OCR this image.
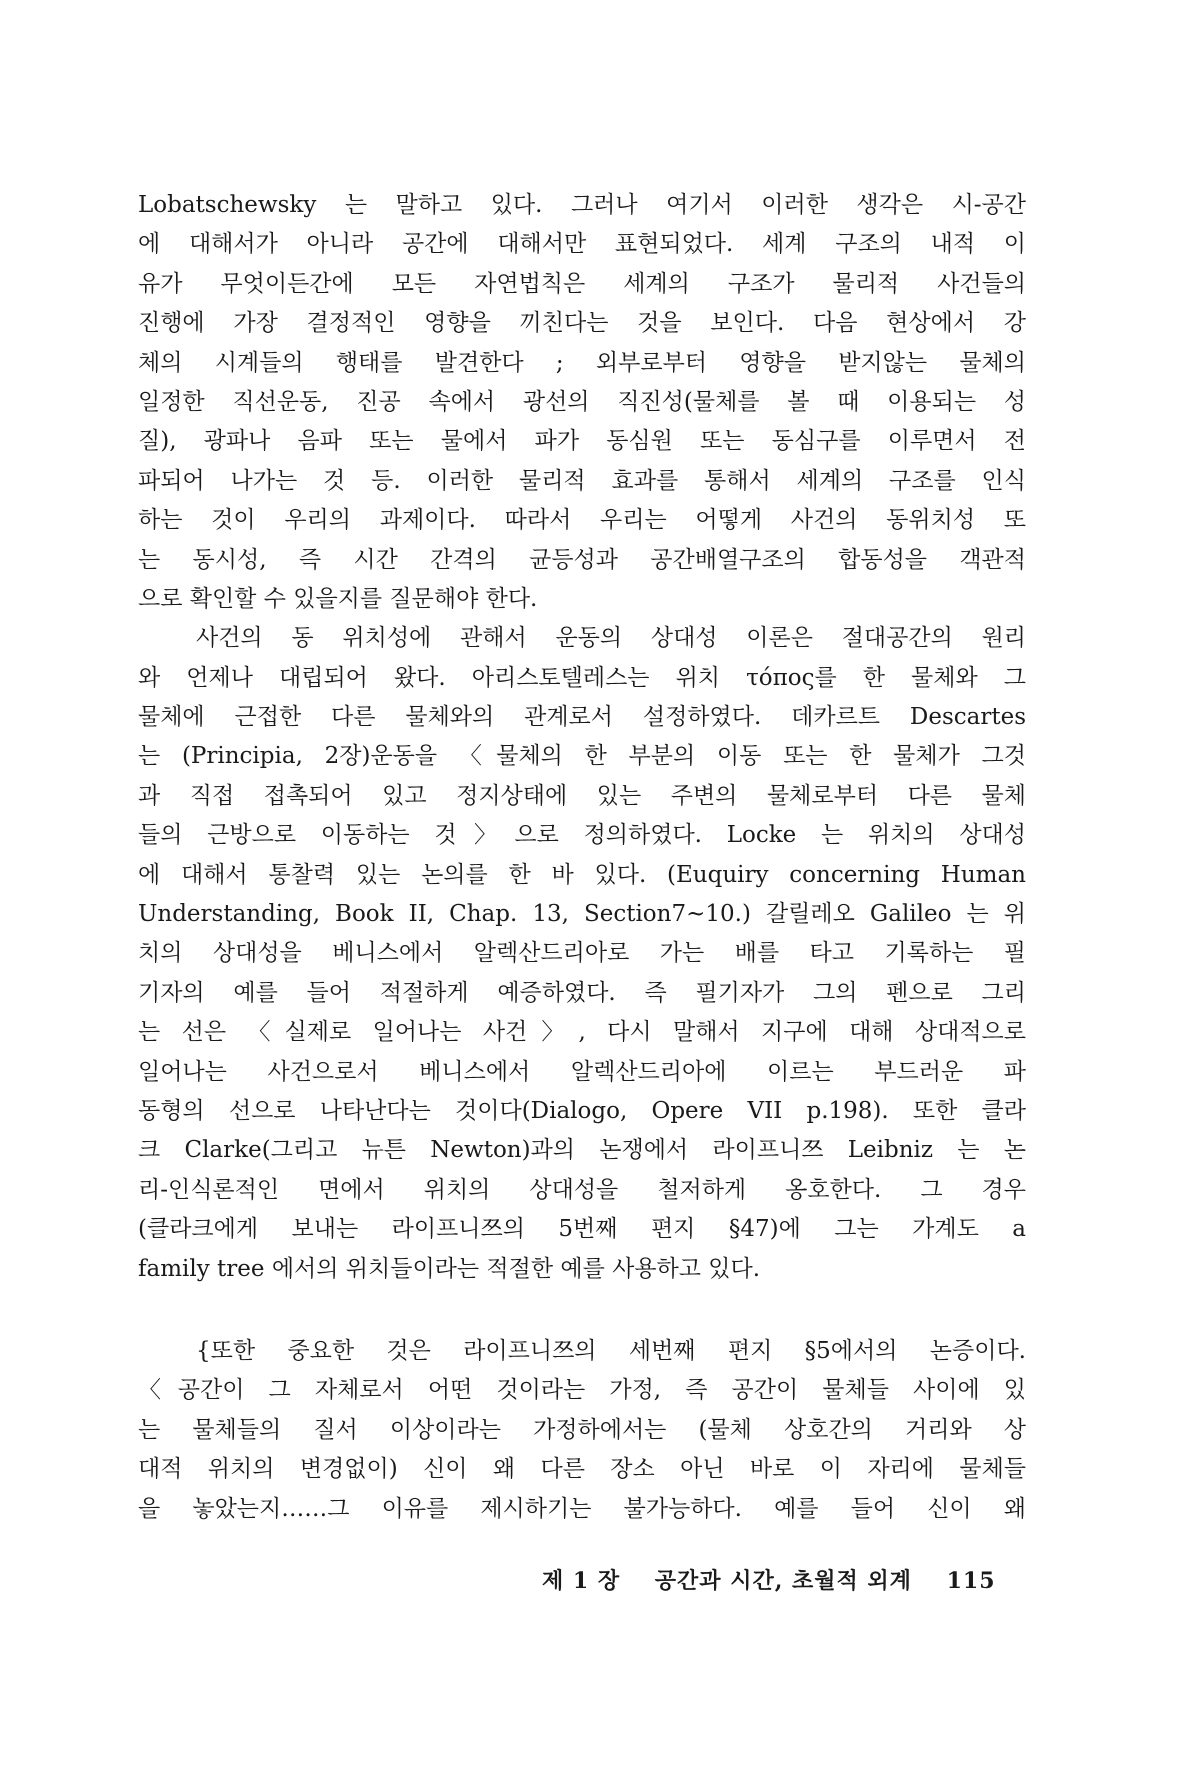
Lobatschewsky 는 말하고 있다. 그러나 여기서 이러한 생각은 시-공간
에 대해서가 아니라 공간에 대해서만 표현되었다. 세계 구조의 내적 이
유가 무엇이든간에 모든 자연법칙은 세계의 구조가 물리적 사건들의
진행에 가장 결정적인 영향을 끼친다는 것을 보인다. 다음 현상에서 강
체의 시계들의 행태를 발견한다 ; 외부로부터 영향을 받지않는 물체의
일정한 직선운동, 진공 속에서 광선의 직진성(물체를 볼 때 이용되는 성
질), 광파나 음파 또는 물에서 파가 동심원 또는 동심구를 이루면서 전
파되어 나가는 것 등. 이러한 물리적 효과를 통해서 세계의 구조를 인식
하는 것이 우리의 과제이다. 따라서 우리는 어떻게 사건의 동위치성 또
는 동시성, 즉 시간 간격의 균등성과 공간배열구조의 합동성을 객관적
으로 확인할 수 있을지를 질문해야 한다.
사건의 동 위치성에 관해서 운동의 상대성 이론은 절대공간의 원리
와 언제나 대립되어 왔다. 아리스토텔레스는 위치 τόπος를 한 물체와 그
물체에 근접한 다른 물체와의 관계로서 설정하였다. 데카르트 Descartes
는 (Principia, 2장)운동을 〈물체의 한 부분의 이동 또는 한 물체가 그것
과 직접 접촉되어 있고 정지상태에 있는 주변의 물체로부터 다른 물체
들의 근방으로 이동하는 것〉으로 정의하였다. Locke 는 위치의 상대성
에 대해서 통찰력 있는 논의를 한 바 있다. (Euquiry concerning Human
Understanding, Book II, Chap. 13, Section7~10.) 갈릴레오 Galileo 는 위
치의 상대성을 베니스에서 알렉산드리아로 가는 배를 타고 기록하는 필
기자의 예를 들어 적절하게 예증하였다. 즉 필기자가 그의 펜으로 그리
는 선은 〈실제로 일어나는 사건〉, 다시 말해서 지구에 대해 상대적으로
일어나는 사건으로서 베니스에서 알렉산드리아에 이르는 부드러운 파
동형의 선으로 나타난다는 것이다(Dialogo, Opere VII p.198). 또한 클라
크 Clarke(그리고 뉴튼 Newton)과의 논쟁에서 라이프니쯔 Leibniz 는 논
리-인식론적인 면에서 위치의 상대성을 철저하게 옹호한다. 그 경우
(클라크에게 보내는 라이프니쯔의 5번째 편지 §47)에 그는 가계도 a
family tree 에서의 위치들이라는 적절한 예를 사용하고 있다.
{또한 중요한 것은 라이프니쯔의 세번째 편지 §5에서의 논증이다.
〈공간이 그 자체로서 어떤 것이라는 가정, 즉 공간이 물체들 사이에 있
는 물체들의 질서 이상이라는 가정하에서는 (물체 상호간의 거리와 상
대적 위치의 변경없이) 신이 왜 다른 장소 아닌 바로 이 자리에 물체들
을 놓았는지……그 이유를 제시하기는 불가능하다. 예를 들어 신이 왜
제 1 장 공간과 시간, 초월적 외계 115
